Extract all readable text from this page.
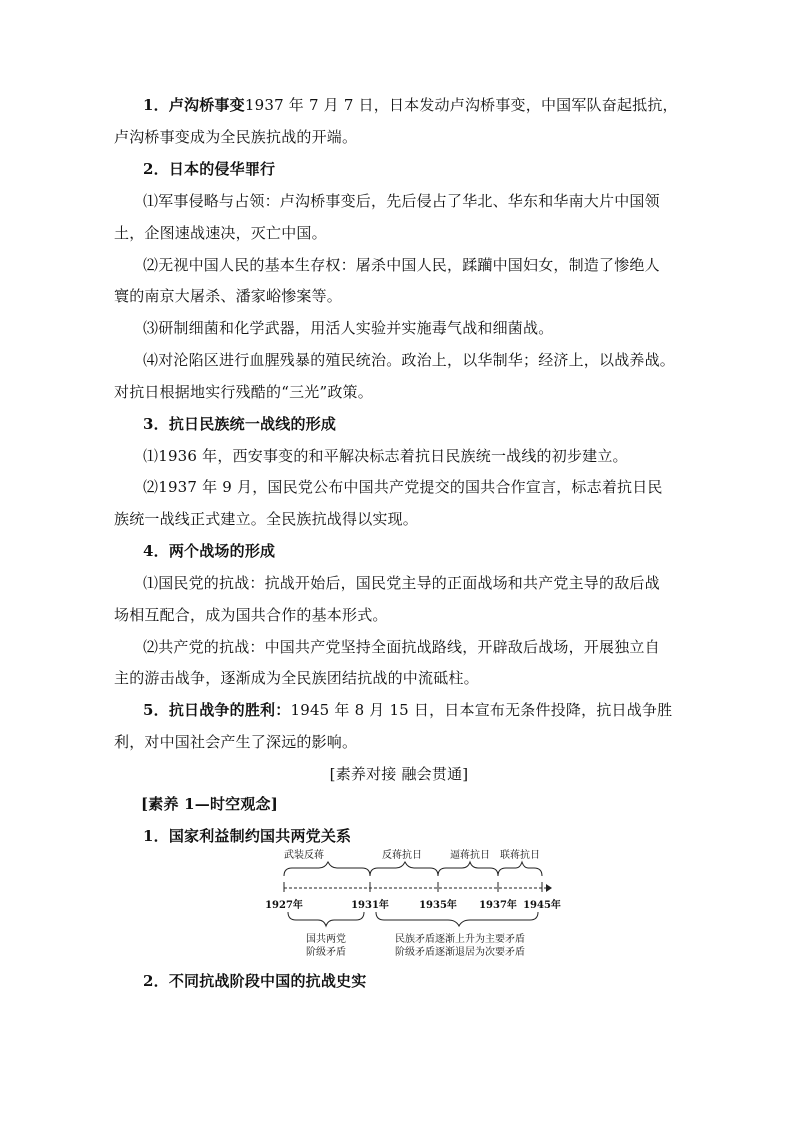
1．卢沟桥事变1937 年 7 月 7 日，日本发动卢沟桥事变，中国军队奋起抵抗，
卢沟桥事变成为全民族抗战的开端。
2．日本的侵华罪行
⑴军事侵略与占领：卢沟桥事变后，先后侵占了华北、华东和华南大片中国领
土，企图速战速决，灭亡中国。
⑵无视中国人民的基本生存权：屠杀中国人民，蹂躏中国妇女，制造了惨绝人
寰的南京大屠杀、潘家峪惨案等。
⑶研制细菌和化学武器，用活人实验并实施毒气战和细菌战。
⑷对沦陷区进行血腥残暴的殖民统治。政治上，以华制华；经济上，以战养战。
对抗日根据地实行残酷的“三光”政策。
3．抗日民族统一战线的形成
⑴1936 年，西安事变的和平解决标志着抗日民族统一战线的初步建立。
⑵1937 年 9 月，国民党公布中国共产党提交的国共合作宣言，标志着抗日民
族统一战线正式建立。全民族抗战得以实现。
4．两个战场的形成
⑴国民党的抗战：抗战开始后，国民党主导的正面战场和共产党主导的敌后战
场相互配合，成为国共合作的基本形式。
⑵共产党的抗战：中国共产党坚持全面抗战路线，开辟敌后战场，开展独立自
主的游击战争，逐渐成为全民族团结抗战的中流砥柱。
5．抗日战争的胜利：1945 年 8 月 15 日，日本宣布无条件投降，抗日战争胜
利，对中国社会产生了深远的影响。
[素养对接 融会贯通]
[素养 1—时空观念]
1．国家利益制约国共两党关系
武装反蒋	反蒋抗日	逼蒋抗日 联蒋抗日
1927年	1931年	1935年 1937年 1945年
国共两党
阶级矛盾
民族矛盾逐渐上升为主要矛盾
阶级矛盾逐渐退居为次要矛盾
2．不同抗战阶段中国的抗战史实
